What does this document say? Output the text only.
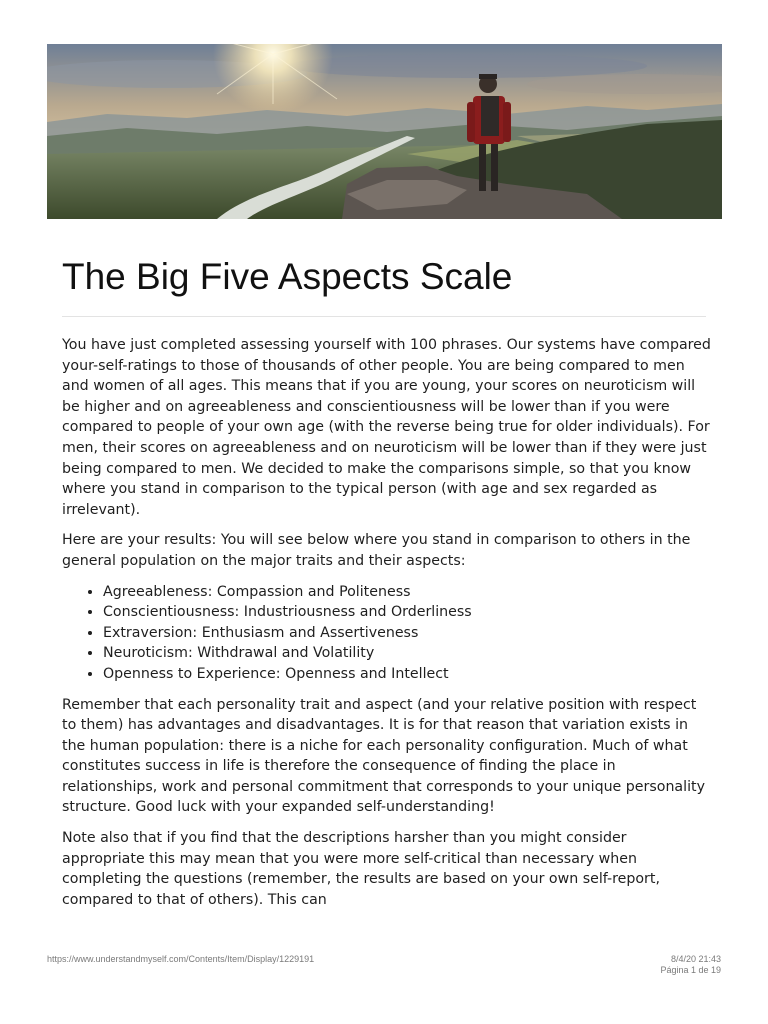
The Big Five Aspects Scale

You have just completed assessing yourself with 100 phrases. Our systems have compared your-self-ratings to those of thousands of other people. You are being compared to men and women of all ages. This means that if you are young, your scores on neuroticism will be higher and on agreeableness and conscientiousness will be lower than if you were compared to people of your own age (with the reverse being true for older individuals). For men, their scores on agreeableness and on neuroticism will be lower than if they were just being compared to men. We decided to make the comparisons simple, so that you know where you stand in comparison to the typical person (with age and sex regarded as irrelevant).

Here are your results: You will see below where you stand in comparison to others in the general population on the major traits and their aspects:

• Agreeableness: Compassion and Politeness
• Conscientiousness: Industriousness and Orderliness
• Extraversion: Enthusiasm and Assertiveness
• Neuroticism: Withdrawal and Volatility
• Openness to Experience: Openness and Intellect

Remember that each personality trait and aspect (and your relative position with respect to them) has advantages and disadvantages. It is for that reason that variation exists in the human population: there is a niche for each personality configuration. Much of what constitutes success in life is therefore the consequence of finding the place in relationships, work and personal commitment that corresponds to your unique personality structure. Good luck with your expanded self-understanding!

Note also that if you find that the descriptions harsher than you might consider appropriate this may mean that you were more self-critical than necessary when completing the questions (remember, the results are based on your own self-report, compared to that of others). This can

https://www.understandmyself.com/Contents/Item/Display/1229191	8/4/20 21:43
Página 1 de 19
